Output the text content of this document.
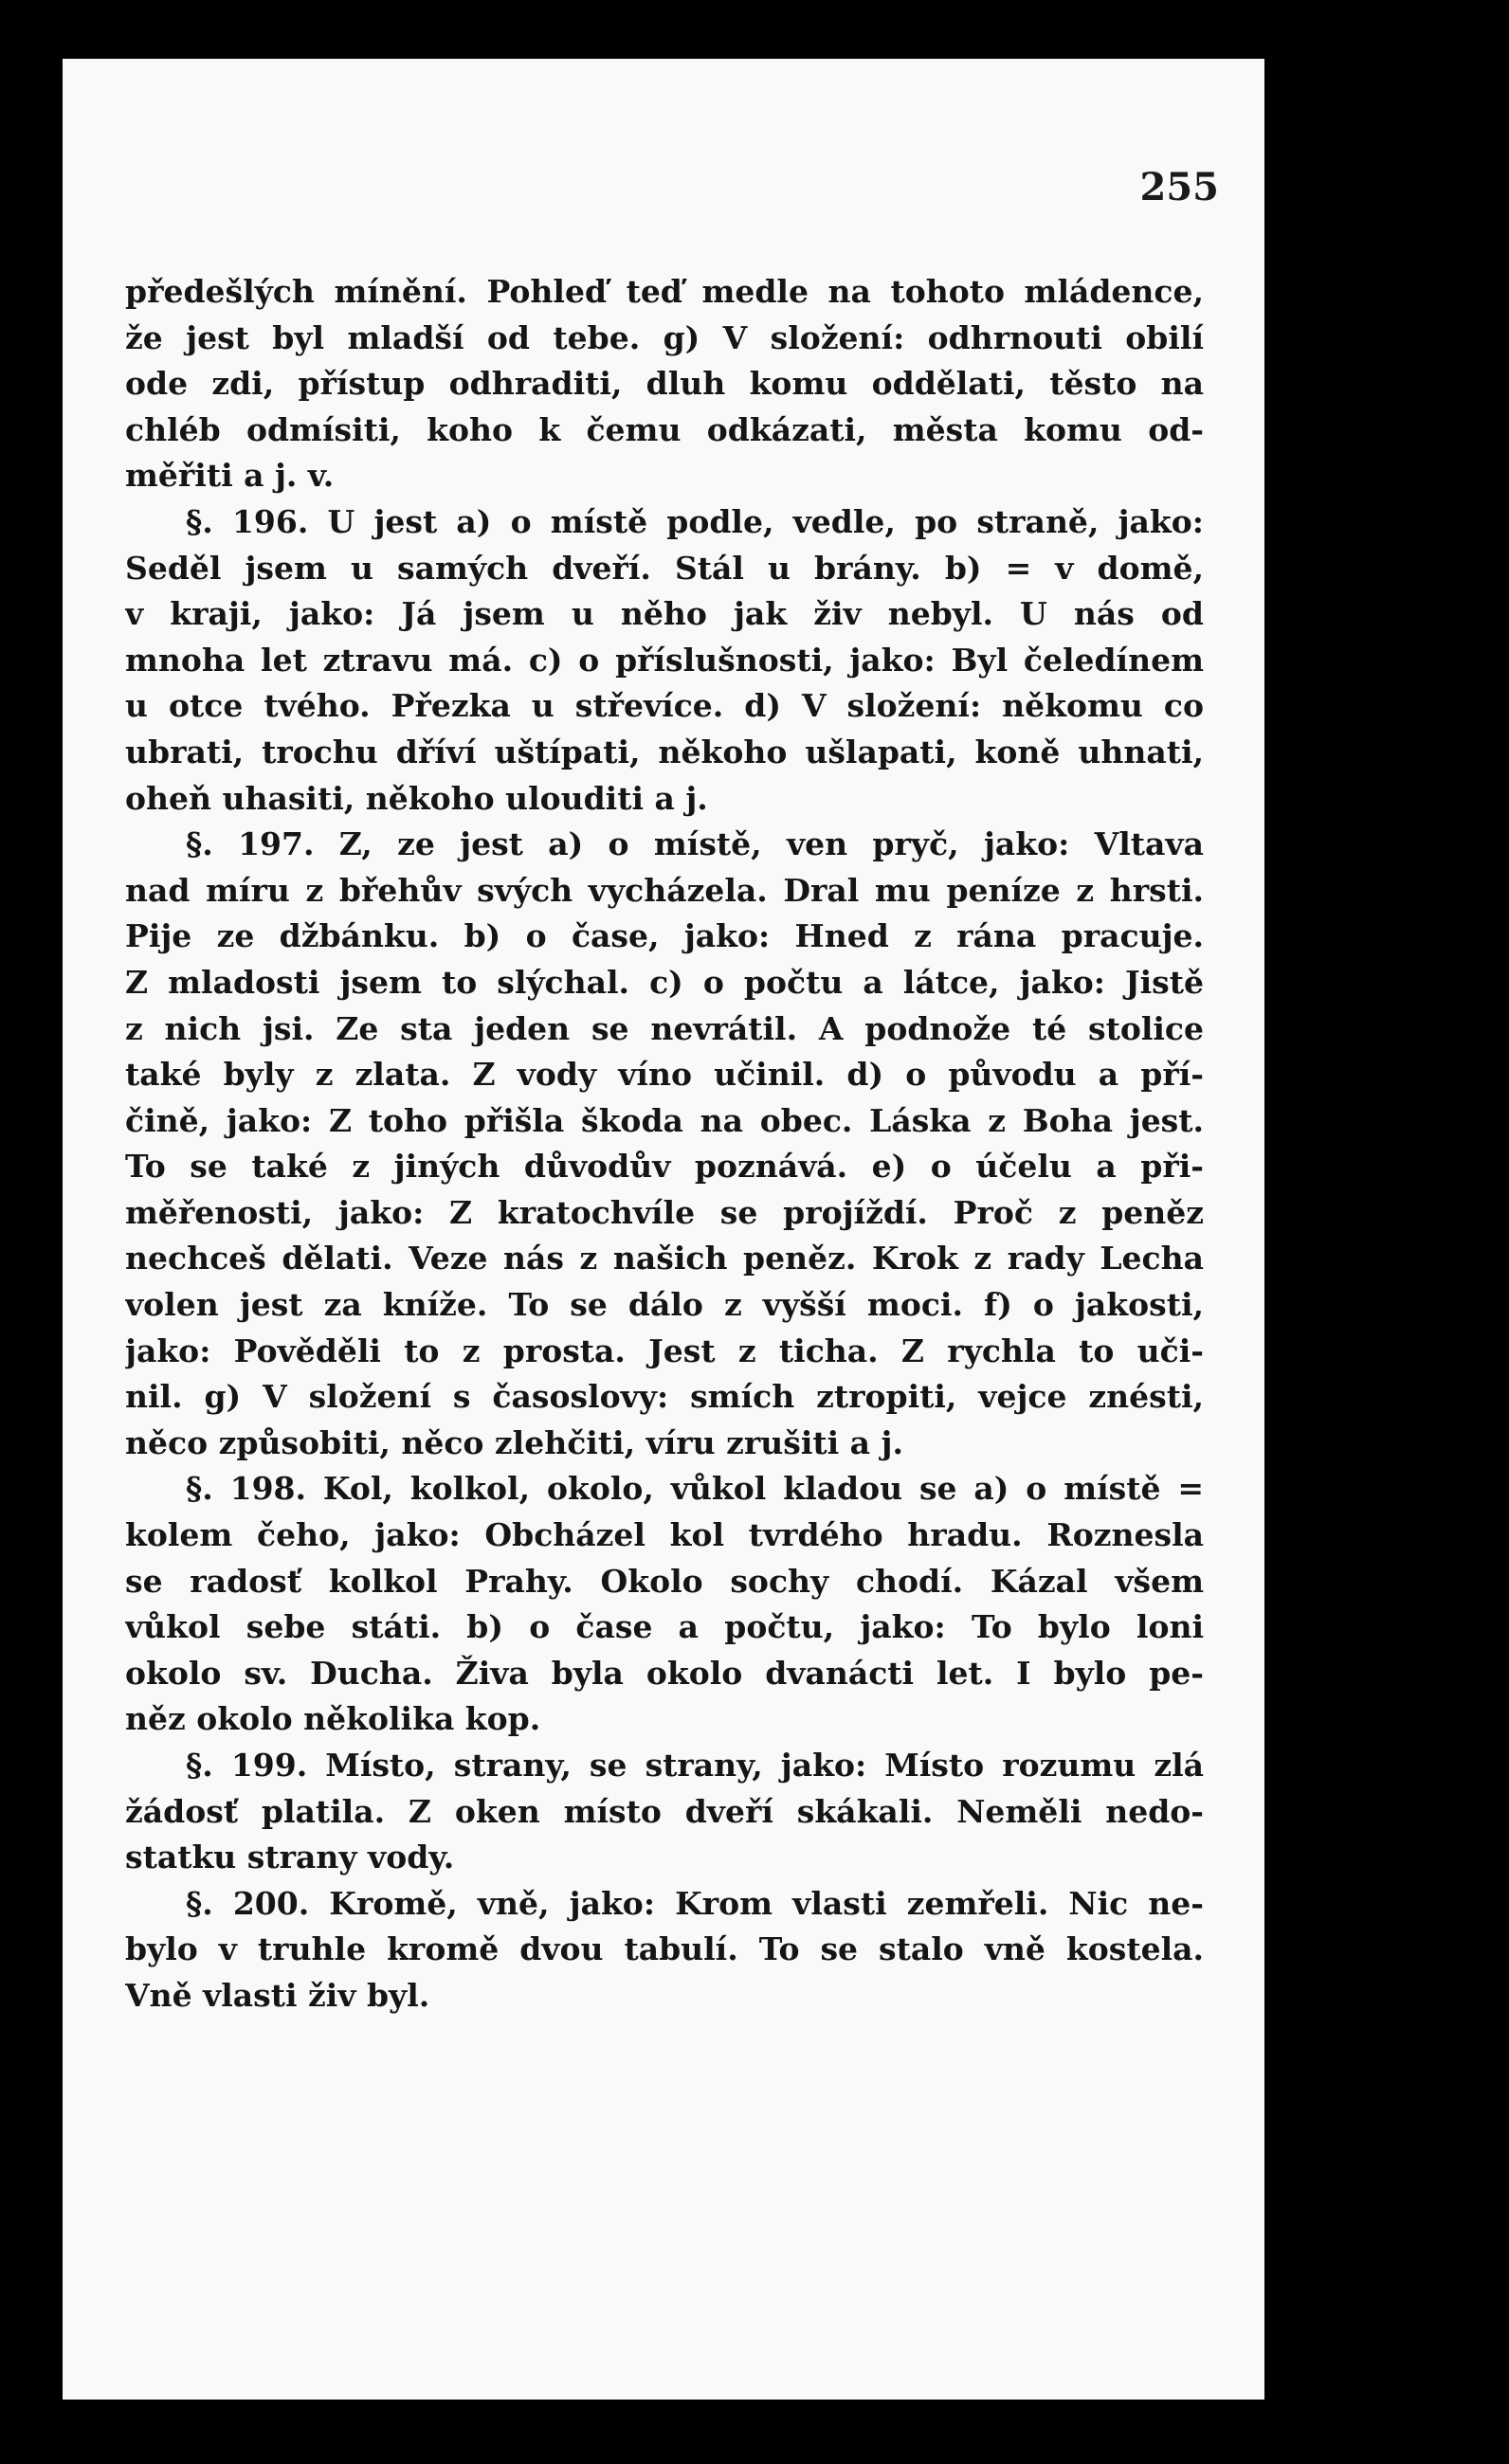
255
předešlých mínění. Pohleď teď medle na tohoto mládence,
že jest byl mladší od tebe. g) V složení: odhrnouti obilí
ode zdi, přístup odhraditi, dluh komu oddělati, těsto na
chléb odmísiti, koho k čemu odkázati, města komu od-
měřiti a j. v.
§. 196. U jest a) o místě podle, vedle, po straně, jako:
Seděl jsem u samých dveří. Stál u brány. b) = v domě,
v kraji, jako: Já jsem u něho jak živ nebyl. U nás od
mnoha let ztravu má. c) o příslušnosti, jako: Byl čeledínem
u otce tvého. Přezka u střevíce. d) V složení: někomu co
ubrati, trochu dříví uštípati, někoho ušlapati, koně uhnati,
oheň uhasiti, někoho ulouditi a j.
§. 197. Z, ze jest a) o místě, ven pryč, jako: Vltava
nad míru z břehův svých vycházela. Dral mu peníze z hrsti.
Pije ze džbánku. b) o čase, jako: Hned z rána pracuje.
Z mladosti jsem to slýchal. c) o počtu a látce, jako: Jistě
z nich jsi. Ze sta jeden se nevrátil. A podnože té stolice
také byly z zlata. Z vody víno učinil. d) o původu a pří-
čině, jako: Z toho přišla škoda na obec. Láska z Boha jest.
To se také z jiných důvodův poznává. e) o účelu a při-
měřenosti, jako: Z kratochvíle se projíždí. Proč z peněz
nechceš dělati. Veze nás z našich peněz. Krok z rady Lecha
volen jest za kníže. To se dálo z vyšší moci. f) o jakosti,
jako: Pověděli to z prosta. Jest z ticha. Z rychla to uči-
nil. g) V složení s časoslovy: smích ztropiti, vejce znésti,
něco způsobiti, něco zlehčiti, víru zrušiti a j.
§. 198. Kol, kolkol, okolo, vůkol kladou se a) o místě =
kolem čeho, jako: Obcházel kol tvrdého hradu. Roznesla
se radosť kolkol Prahy. Okolo sochy chodí. Kázal všem
vůkol sebe státi. b) o čase a počtu, jako: To bylo loni
okolo sv. Ducha. Živa byla okolo dvanácti let. I bylo pe-
něz okolo několika kop.
§. 199. Místo, strany, se strany, jako: Místo rozumu zlá
žádosť platila. Z oken místo dveří skákali. Neměli nedo-
statku strany vody.
§. 200. Kromě, vně, jako: Krom vlasti zemřeli. Nic ne-
bylo v truhle kromě dvou tabulí. To se stalo vně kostela.
Vně vlasti živ byl.
